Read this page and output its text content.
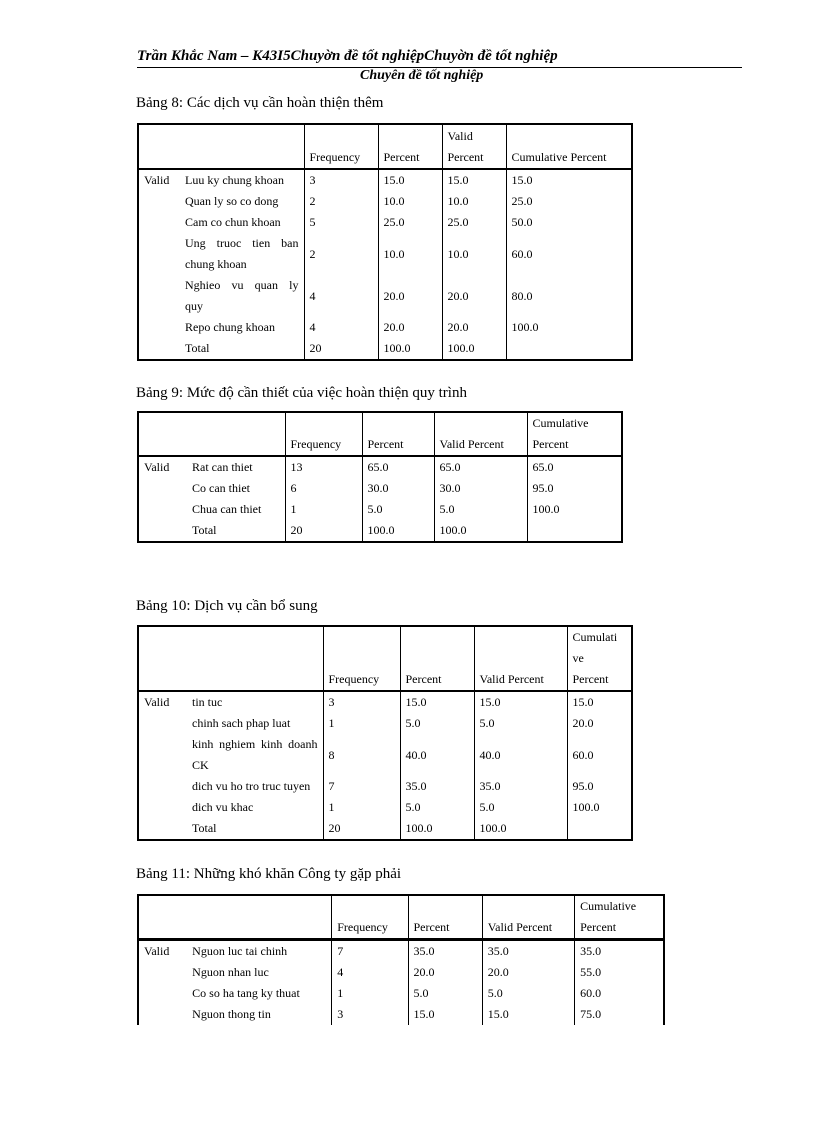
Trần Khắc Nam – K43I5Chuyờn đề tốt nghiệpChuyờn đề tốt nghiệp
Chuyên đề tốt nghiệp
Bảng 8: Các dịch vụ cần hoàn thiện thêm
		Frequency	Percent	Valid
Percent	Cumulative Percent
Valid	Luu ky chung khoan	3	15.0	15.0	15.0
	Quan ly so co dong	2	10.0	10.0	25.0
	Cam co chun khoan	5	25.0	25.0	50.0

	Ung truoc tien ban
chung khoan	2	10.0	10.0	60.0

	Nghieo vu quan ly
quy	4	20.0	20.0	80.0
	Repo chung khoan	4	20.0	20.0	100.0
	Total	20	100.0	100.0	
Bảng 9: Mức độ cần thiết của việc hoàn thiện quy trình
		Frequency	Percent	Valid Percent	Cumulative
Percent

Valid	Rat can thiet	13	65.0	65.0	65.0
	Co can thiet	6	30.0	30.0	95.0
	Chua can thiet	1	5.0	5.0	100.0
	Total	20	100.0	100.0	
Bảng 10: Dịch vụ cần bổ sung
		Frequency	Percent	Valid Percent	Cumulati
ve
Percent

Valid	tin tuc	3	15.0	15.0	15.0
	chinh sach phap luat	1	5.0	5.0	20.0

	kinh nghiem kinh doanh
CK	8	40.0	40.0	60.0
	dich vu ho tro truc tuyen	7	35.0	35.0	95.0
	dich vu khac	1	5.0	5.0	100.0
	Total	20	100.0	100.0	
Bảng 11: Những khó khăn Công ty gặp phải
		Frequency	Percent	Valid Percent	Cumulative
Percent

Valid	Nguon luc tai chinh	7	35.0	35.0	35.0
	Nguon nhan luc	4	20.0	20.0	55.0
	Co so ha tang ky thuat	1	5.0	5.0	60.0
	Nguon thong tin	3	15.0	15.0	75.0
